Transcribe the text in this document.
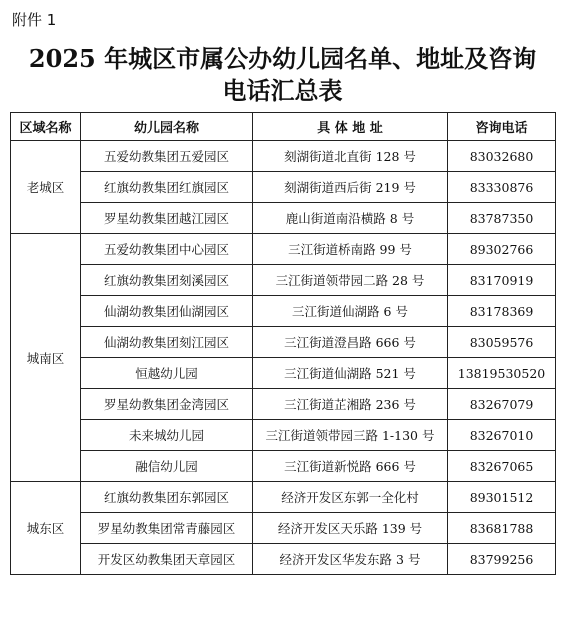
附件 1
2025 年城区市属公办幼儿园名单、地址及咨询
电话汇总表
区域名称	幼儿园名称	具 体 地 址	咨询电话
老城区	五爱幼教集团五爱园区	刻湖街道北直街 128 号	83032680
	红旗幼教集团红旗园区	刻湖街道西后街 219 号	83330876
	罗星幼教集团越江园区	鹿山街道南沿横路 8 号	83787350
城南区	五爱幼教集团中心园区	三江街道桥南路 99 号	89302766
	红旗幼教集团刻溪园区	三江街道领带园二路 28 号	83170919
	仙湖幼教集团仙湖园区	三江街道仙湖路 6 号	83178369
	仙湖幼教集团刻江园区	三江街道澄昌路 666 号	83059576
	恒越幼儿园	三江街道仙湖路 521 号	13819530520
	罗星幼教集团金湾园区	三江街道芷湘路 236 号	83267079
	未来城幼儿园	三江街道领带园三路 1-130 号	83267010
	融信幼儿园	三江街道新悦路 666 号	83267065
城东区	红旗幼教集团东郭园区	经济开发区东郭一全化村	89301512
	罗星幼教集团常青藤园区	经济开发区天乐路 139 号	83681788
	开发区幼教集团天章园区	经济开发区华发东路 3 号	83799256
